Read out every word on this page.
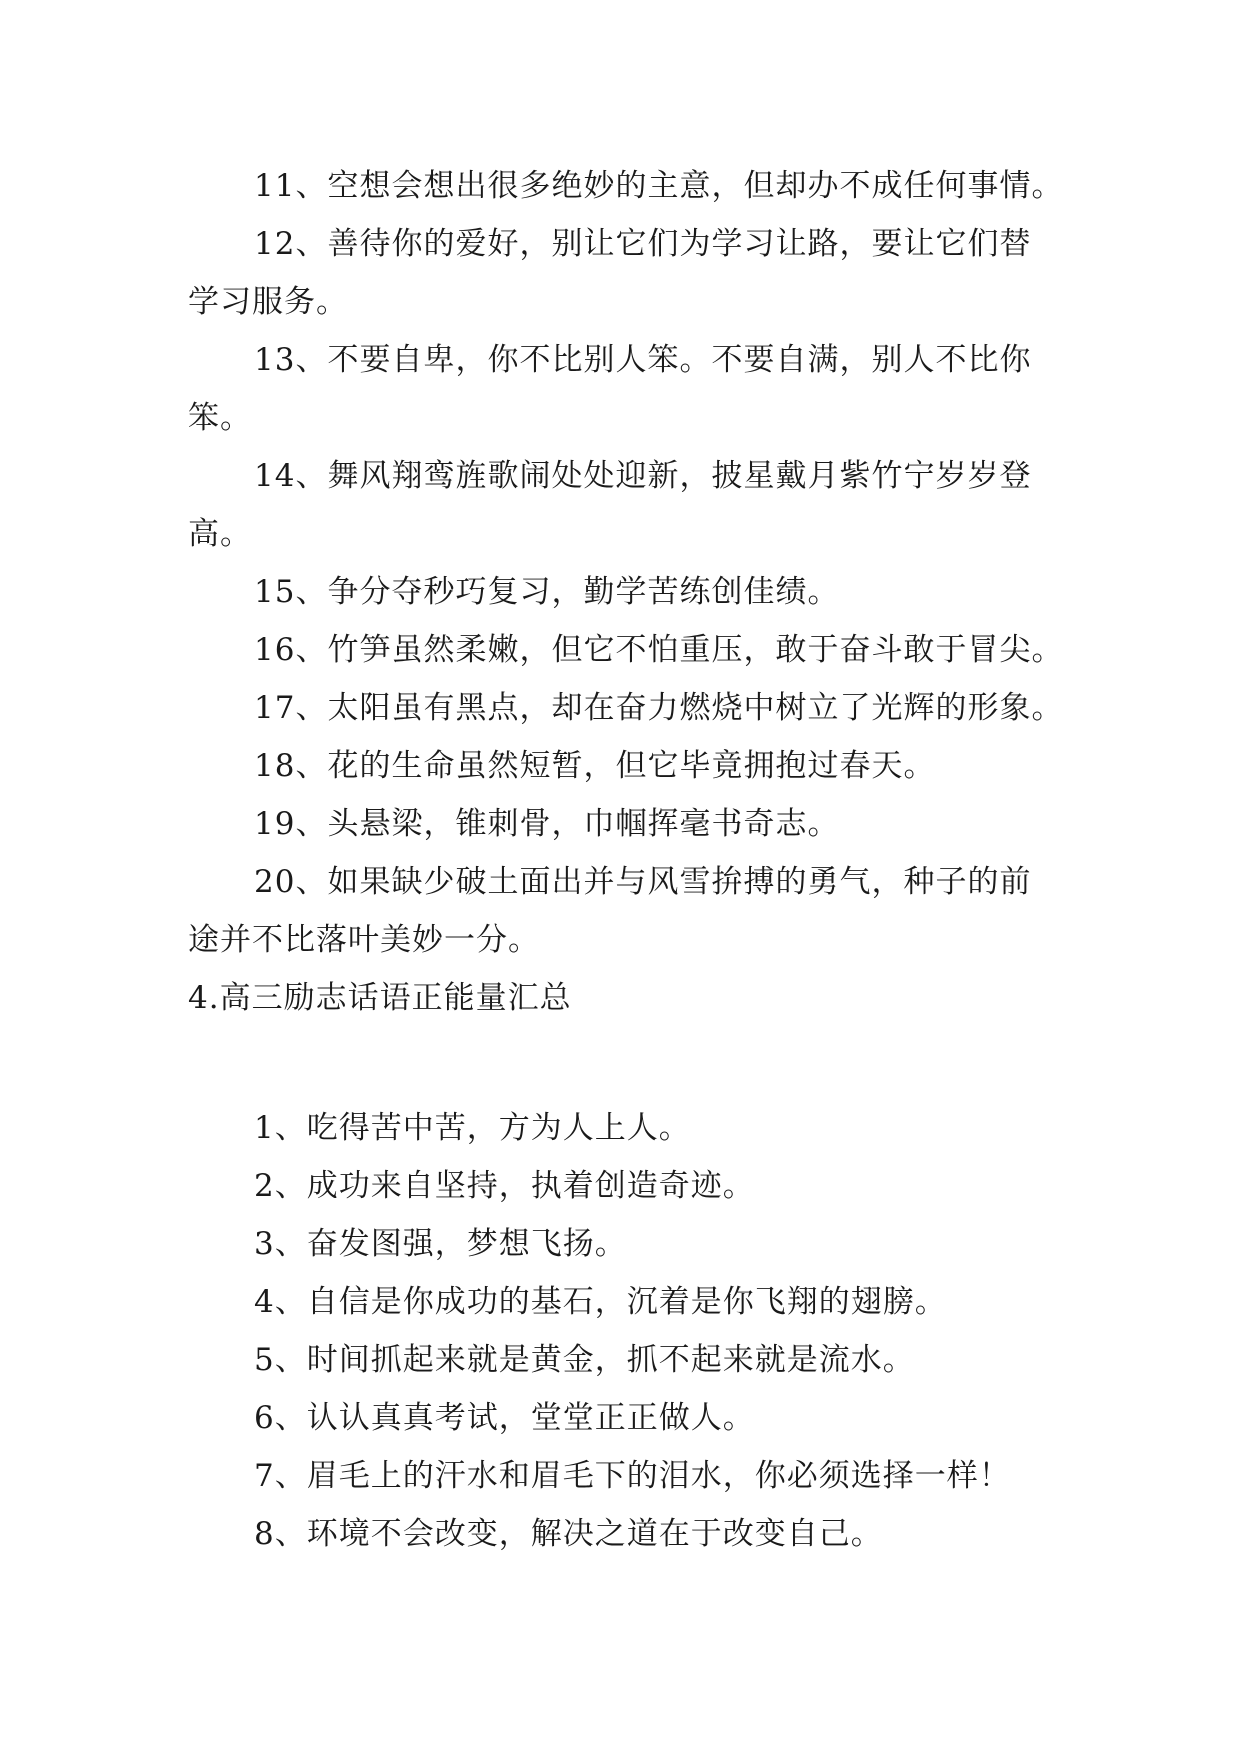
11、空想会想出很多绝妙的主意，但却办不成任何事情。

12、善待你的爱好，别让它们为学习让路，要让它们替学习服务。

13、不要自卑，你不比别人笨。不要自满，别人不比你笨。

14、舞风翔鸾旌歌闹处处迎新，披星戴月紫竹宁岁岁登高。

15、争分夺秒巧复习，勤学苦练创佳绩。

16、竹笋虽然柔嫩，但它不怕重压，敢于奋斗敢于冒尖。

17、太阳虽有黑点，却在奋力燃烧中树立了光辉的形象。

18、花的生命虽然短暂，但它毕竟拥抱过春天。

19、头悬梁，锥刺骨，巾帼挥毫书奇志。

20、如果缺少破土面出并与风雪拚搏的勇气，种子的前途并不比落叶美妙一分。

4.高三励志话语正能量汇总

1、吃得苦中苦，方为人上人。

2、成功来自坚持，执着创造奇迹。

3、奋发图强，梦想飞扬。

4、自信是你成功的基石，沉着是你飞翔的翅膀。

5、时间抓起来就是黄金，抓不起来就是流水。

6、认认真真考试，堂堂正正做人。

7、眉毛上的汗水和眉毛下的泪水，你必须选择一样！

8、环境不会改变，解决之道在于改变自己。
